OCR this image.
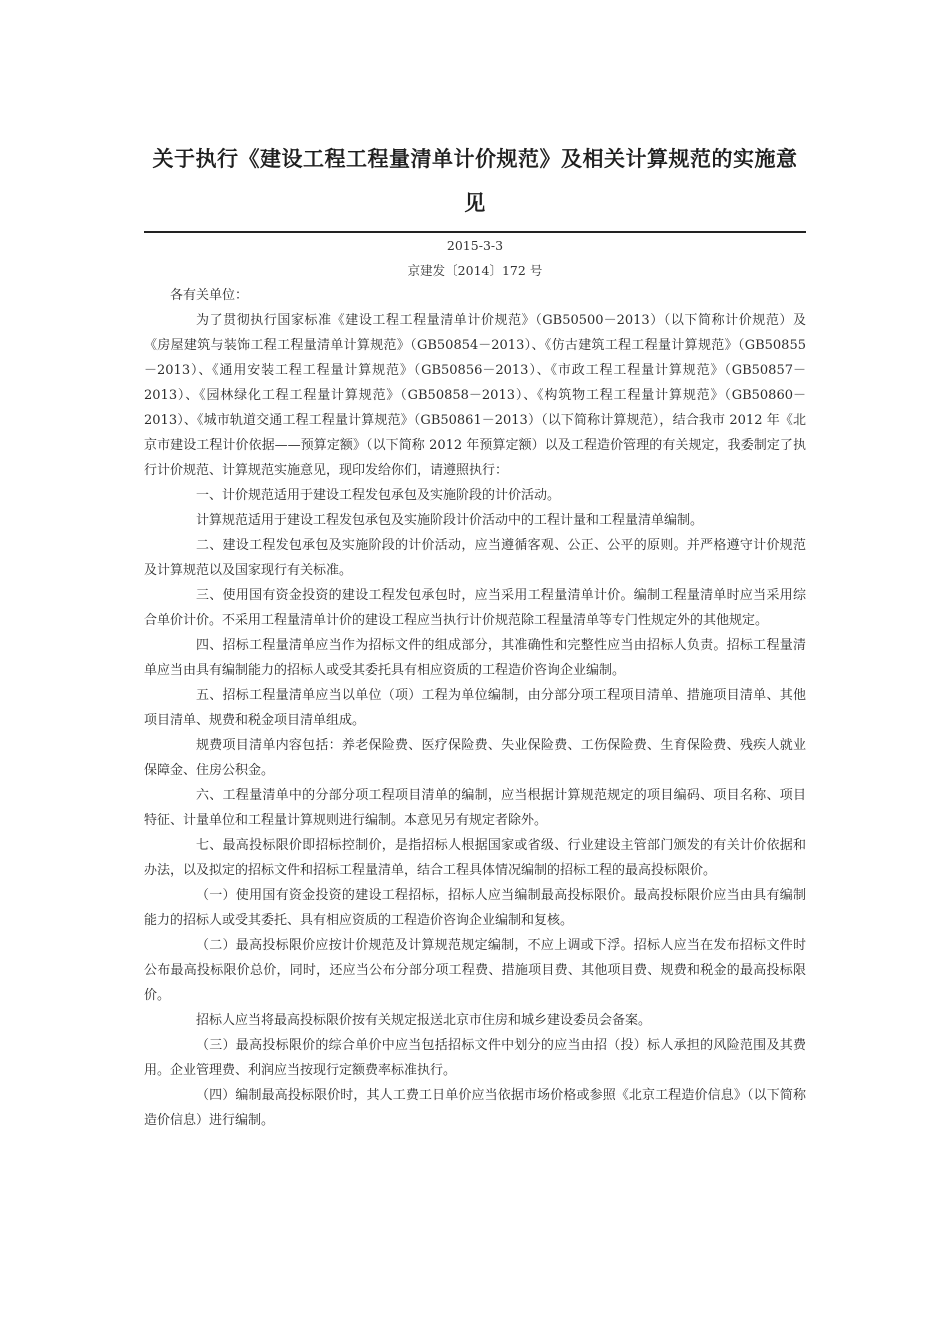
关于执行《建设工程工程量清单计价规范》及相关计算规范的实施意见
2015-3-3
京建发〔2014〕172 号

各有关单位：

为了贯彻执行国家标准《建设工程工程量清单计价规范》（GB50500－2013）（以下简称计价规范）及《房屋建筑与装饰工程工程量清单计算规范》（GB50854－2013）、《仿古建筑工程工程量计算规范》（GB50855－2013）、《通用安装工程工程量计算规范》（GB50856－2013）、《市政工程工程量计算规范》（GB50857－2013）、《园林绿化工程工程量计算规范》（GB50858－2013）、《构筑物工程工程量计算规范》（GB50860－2013）、《城市轨道交通工程工程量计算规范》（GB50861－2013）（以下简称计算规范），结合我市 2012 年《北京市建设工程计价依据——预算定额》（以下简称 2012 年预算定额）以及工程造价管理的有关规定，我委制定了执行计价规范、计算规范实施意见，现印发给你们，请遵照执行：

一、计价规范适用于建设工程发包承包及实施阶段的计价活动。

计算规范适用于建设工程发包承包及实施阶段计价活动中的工程计量和工程量清单编制。

二、建设工程发包承包及实施阶段的计价活动，应当遵循客观、公正、公平的原则。并严格遵守计价规范及计算规范以及国家现行有关标准。

三、使用国有资金投资的建设工程发包承包时，应当采用工程量清单计价。编制工程量清单时应当采用综合单价计价。不采用工程量清单计价的建设工程应当执行计价规范除工程量清单等专门性规定外的其他规定。

四、招标工程量清单应当作为招标文件的组成部分，其准确性和完整性应当由招标人负责。招标工程量清单应当由具有编制能力的招标人或受其委托具有相应资质的工程造价咨询企业编制。

五、招标工程量清单应当以单位（项）工程为单位编制，由分部分项工程项目清单、措施项目清单、其他项目清单、规费和税金项目清单组成。

规费项目清单内容包括：养老保险费、医疗保险费、失业保险费、工伤保险费、生育保险费、残疾人就业保障金、住房公积金。

六、工程量清单中的分部分项工程项目清单的编制，应当根据计算规范规定的项目编码、项目名称、项目特征、计量单位和工程量计算规则进行编制。本意见另有规定者除外。

七、最高投标限价即招标控制价，是指招标人根据国家或省级、行业建设主管部门颁发的有关计价依据和办法，以及拟定的招标文件和招标工程量清单，结合工程具体情况编制的招标工程的最高投标限价。

（一）使用国有资金投资的建设工程招标，招标人应当编制最高投标限价。最高投标限价应当由具有编制能力的招标人或受其委托、具有相应资质的工程造价咨询企业编制和复核。

（二）最高投标限价应按计价规范及计算规范规定编制，不应上调或下浮。招标人应当在发布招标文件时公布最高投标限价总价，同时，还应当公布分部分项工程费、措施项目费、其他项目费、规费和税金的最高投标限价。

招标人应当将最高投标限价按有关规定报送北京市住房和城乡建设委员会备案。

（三）最高投标限价的综合单价中应当包括招标文件中划分的应当由招（投）标人承担的风险范围及其费用。企业管理费、利润应当按现行定额费率标准执行。

（四）编制最高投标限价时，其人工费工日单价应当依据市场价格或参照《北京工程造价信息》（以下简称造价信息）进行编制。
